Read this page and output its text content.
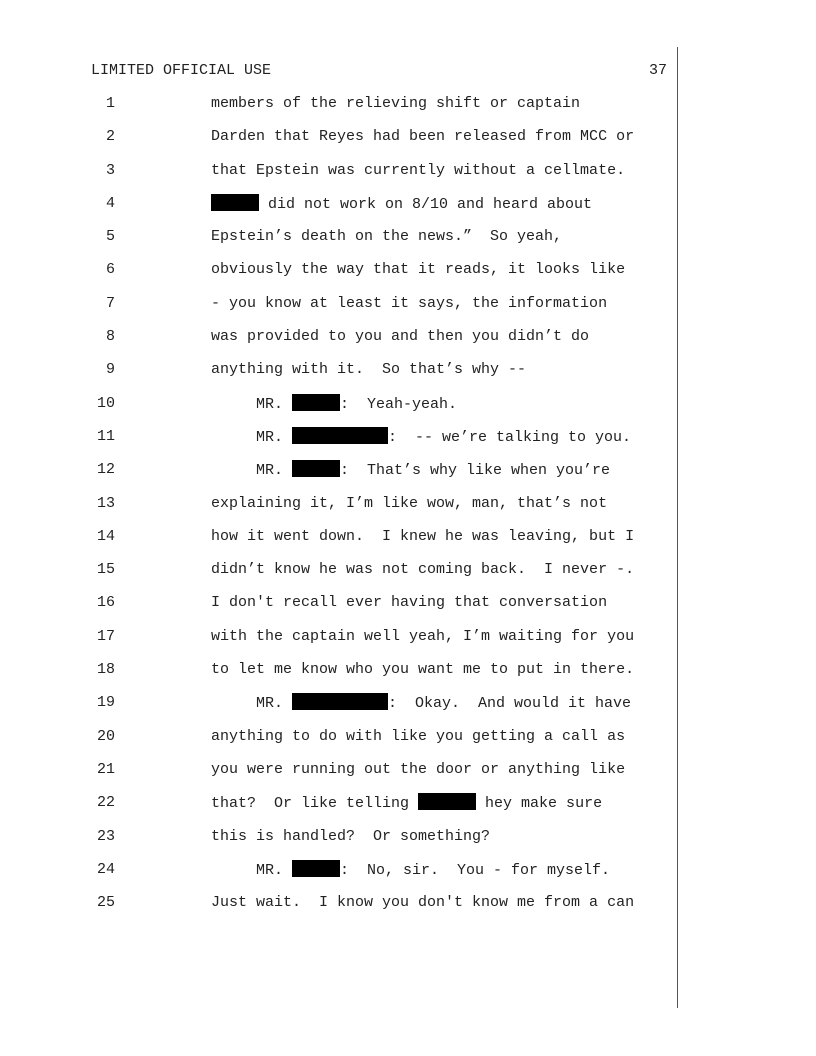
LIMITED OFFICIAL USE	37
1	members of the relieving shift or captain
2	Darden that Reyes had been released from MCC or
3	that Epstein was currently without a cellmate.
4	did not work on 8/10 and heard about
5	Epstein’s death on the news.”  So yeah,
6	obviously the way that it reads, it looks like
7	- you know at least it says, the information
8	was provided to you and then you didn’t do
9	anything with it.  So that’s why --
10	MR.	:  Yeah-yeah.
11	MR.	:  -- we’re talking to you.
12	MR.	:  That’s why like when you’re
13	explaining it, I’m like wow, man, that’s not
14	how it went down.  I knew he was leaving, but I
15	didn’t know he was not coming back.  I never -.
16	I don't recall ever having that conversation
17	with the captain well yeah, I’m waiting for you
18	to let me know who you want me to put in there.
19	MR.	:  Okay.  And would it have
20	anything to do with like you getting a call as
21	you were running out the door or anything like
22	that?  Or like telling	hey make sure
23	this is handled?  Or something?
24	MR.	:  No, sir.  You - for myself.
25	Just wait.  I know you don't know me from a can
